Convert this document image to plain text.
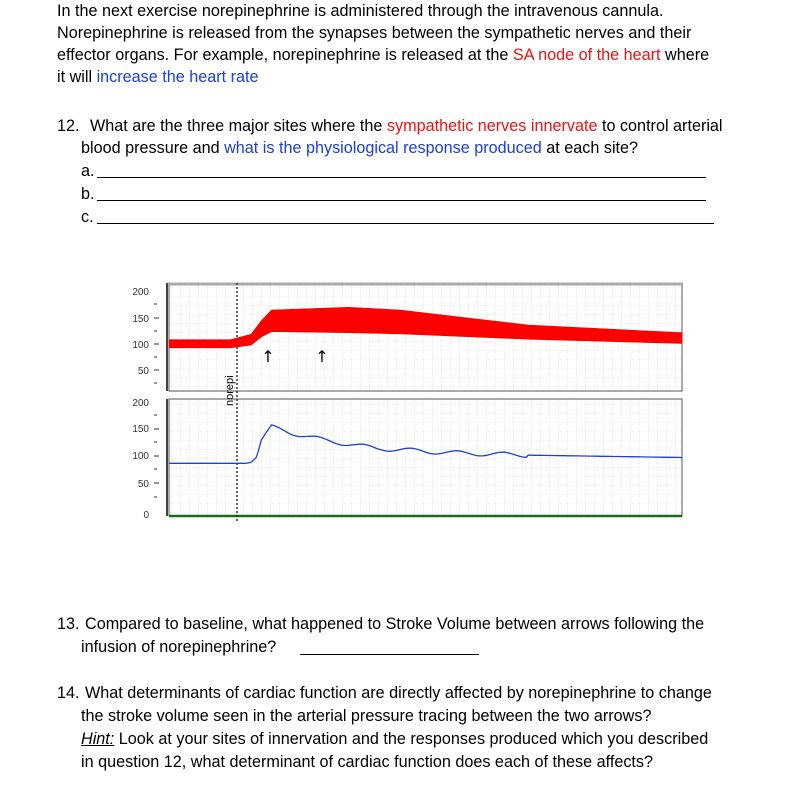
In the next exercise norepinephrine is administered through the intravenous cannula.
Norepinephrine is released from the synapses between the sympathetic nerves and their
effector organs. For example, norepinephrine is released at the SA node of the heart where
it will increase the heart rate
12. What are the three major sites where the sympathetic nerves innervate to control arterial
blood pressure and what is the physiological response produced at each site?
a.
b.
c.
norepi
200
150
100
50
200
150
100
50
0
↑	↑
13. Compared to baseline, what happened to Stroke Volume between arrows following the
infusion of norepinephrine?
14. What determinants of cardiac function are directly affected by norepinephrine to change
the stroke volume seen in the arterial pressure tracing between the two arrows?
Hint: Look at your sites of innervation and the responses produced which you described
in question 12, what determinant of cardiac function does each of these affects?
